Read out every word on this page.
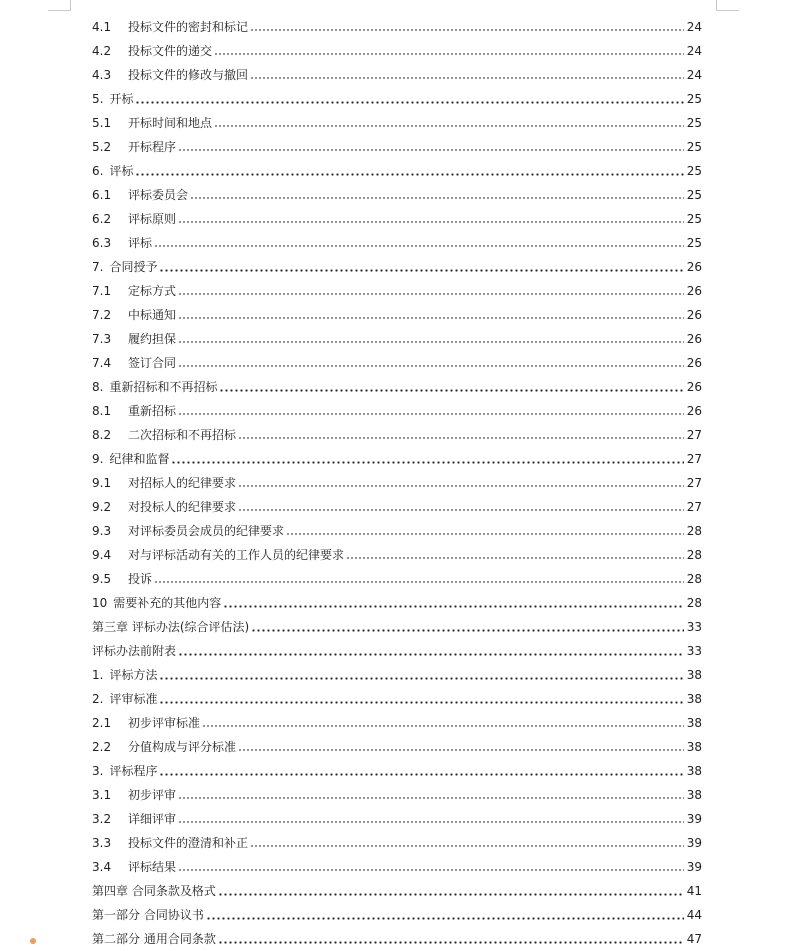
4.1	投标文件的密封和标记	24
4.2	投标文件的递交	24
4.3	投标文件的修改与撤回	24
5. 开标	25
5.1	开标时间和地点	25
5.2	开标程序	25
6. 评标	25
6.1	评标委员会	25
6.2	评标原则	25
6.3	评标	25
7. 合同授予	26
7.1	定标方式	26
7.2	中标通知	26
7.3	履约担保	26
7.4	签订合同	26
8. 重新招标和不再招标	26
8.1	重新招标	26
8.2	二次招标和不再招标	27
9. 纪律和监督	27
9.1	对招标人的纪律要求	27
9.2	对投标人的纪律要求	27
9.3	对评标委员会成员的纪律要求	28
9.4	对与评标活动有关的工作人员的纪律要求	28
9.5	投诉	28
10 需要补充的其他内容	28
第三章 评标办法(综合评估法)	33
评标办法前附表	33
1. 评标方法	38
2. 评审标准	38
2.1	初步评审标准	38
2.2	分值构成与评分标准	38
3. 评标程序	38
3.1	初步评审	38
3.2	详细评审	39
3.3	投标文件的澄清和补正	39
3.4	评标结果	39
第四章 合同条款及格式	41
第一部分 合同协议书	44
第二部分 通用合同条款	47
